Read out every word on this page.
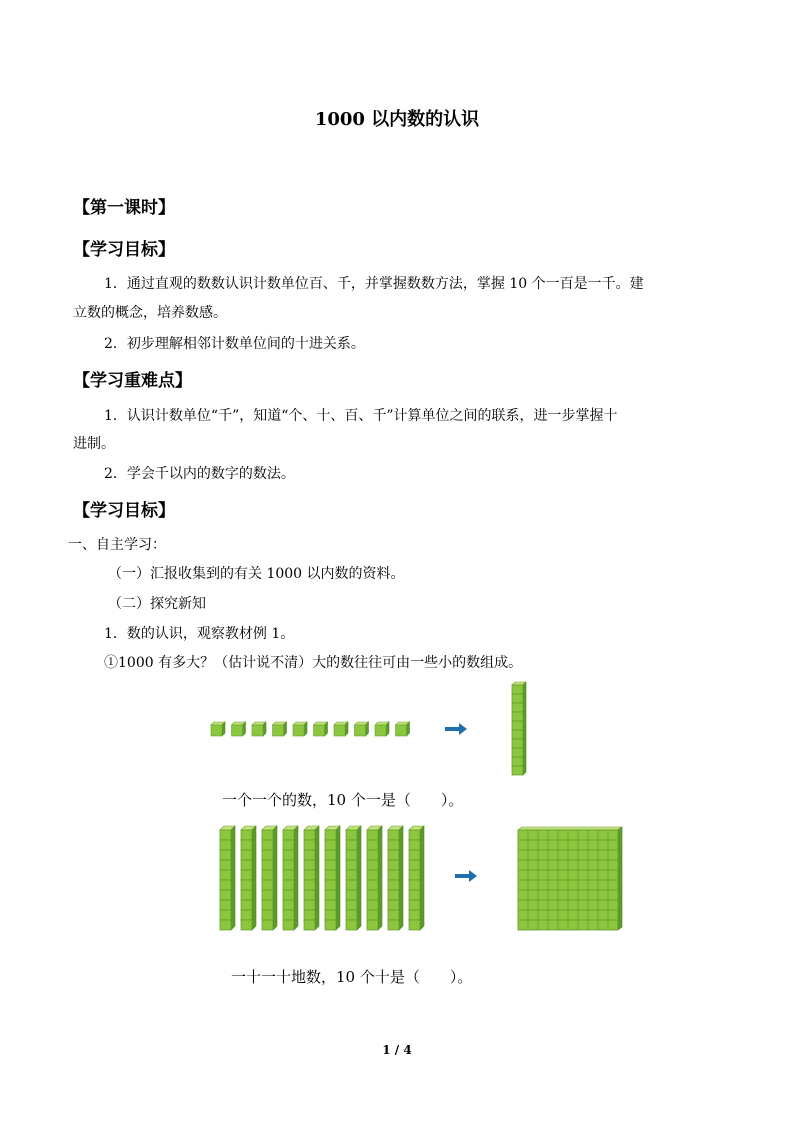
1000 以内数的认识
【第一课时】
【学习目标】
1．通过直观的数数认识计数单位百、千，并掌握数数方法，掌握 10 个一百是一千。建
立数的概念，培养数感。
2．初步理解相邻计数单位间的十进关系。
【学习重难点】
1．认识计数单位“千”，知道“个、十、百、千”计算单位之间的联系，进一步掌握十
进制。
2．学会千以内的数字的数法。
【学习目标】
一、自主学习：
（一）汇报收集到的有关 1000 以内数的资料。
（二）探究新知
1．数的认识，观察教材例 1。
①1000 有多大？（估计说不清）大的数往往可由一些小的数组成。
一个一个的数，10 个一是（　　）。
一十一十地数，10 个十是（　　）。
1 / 4
